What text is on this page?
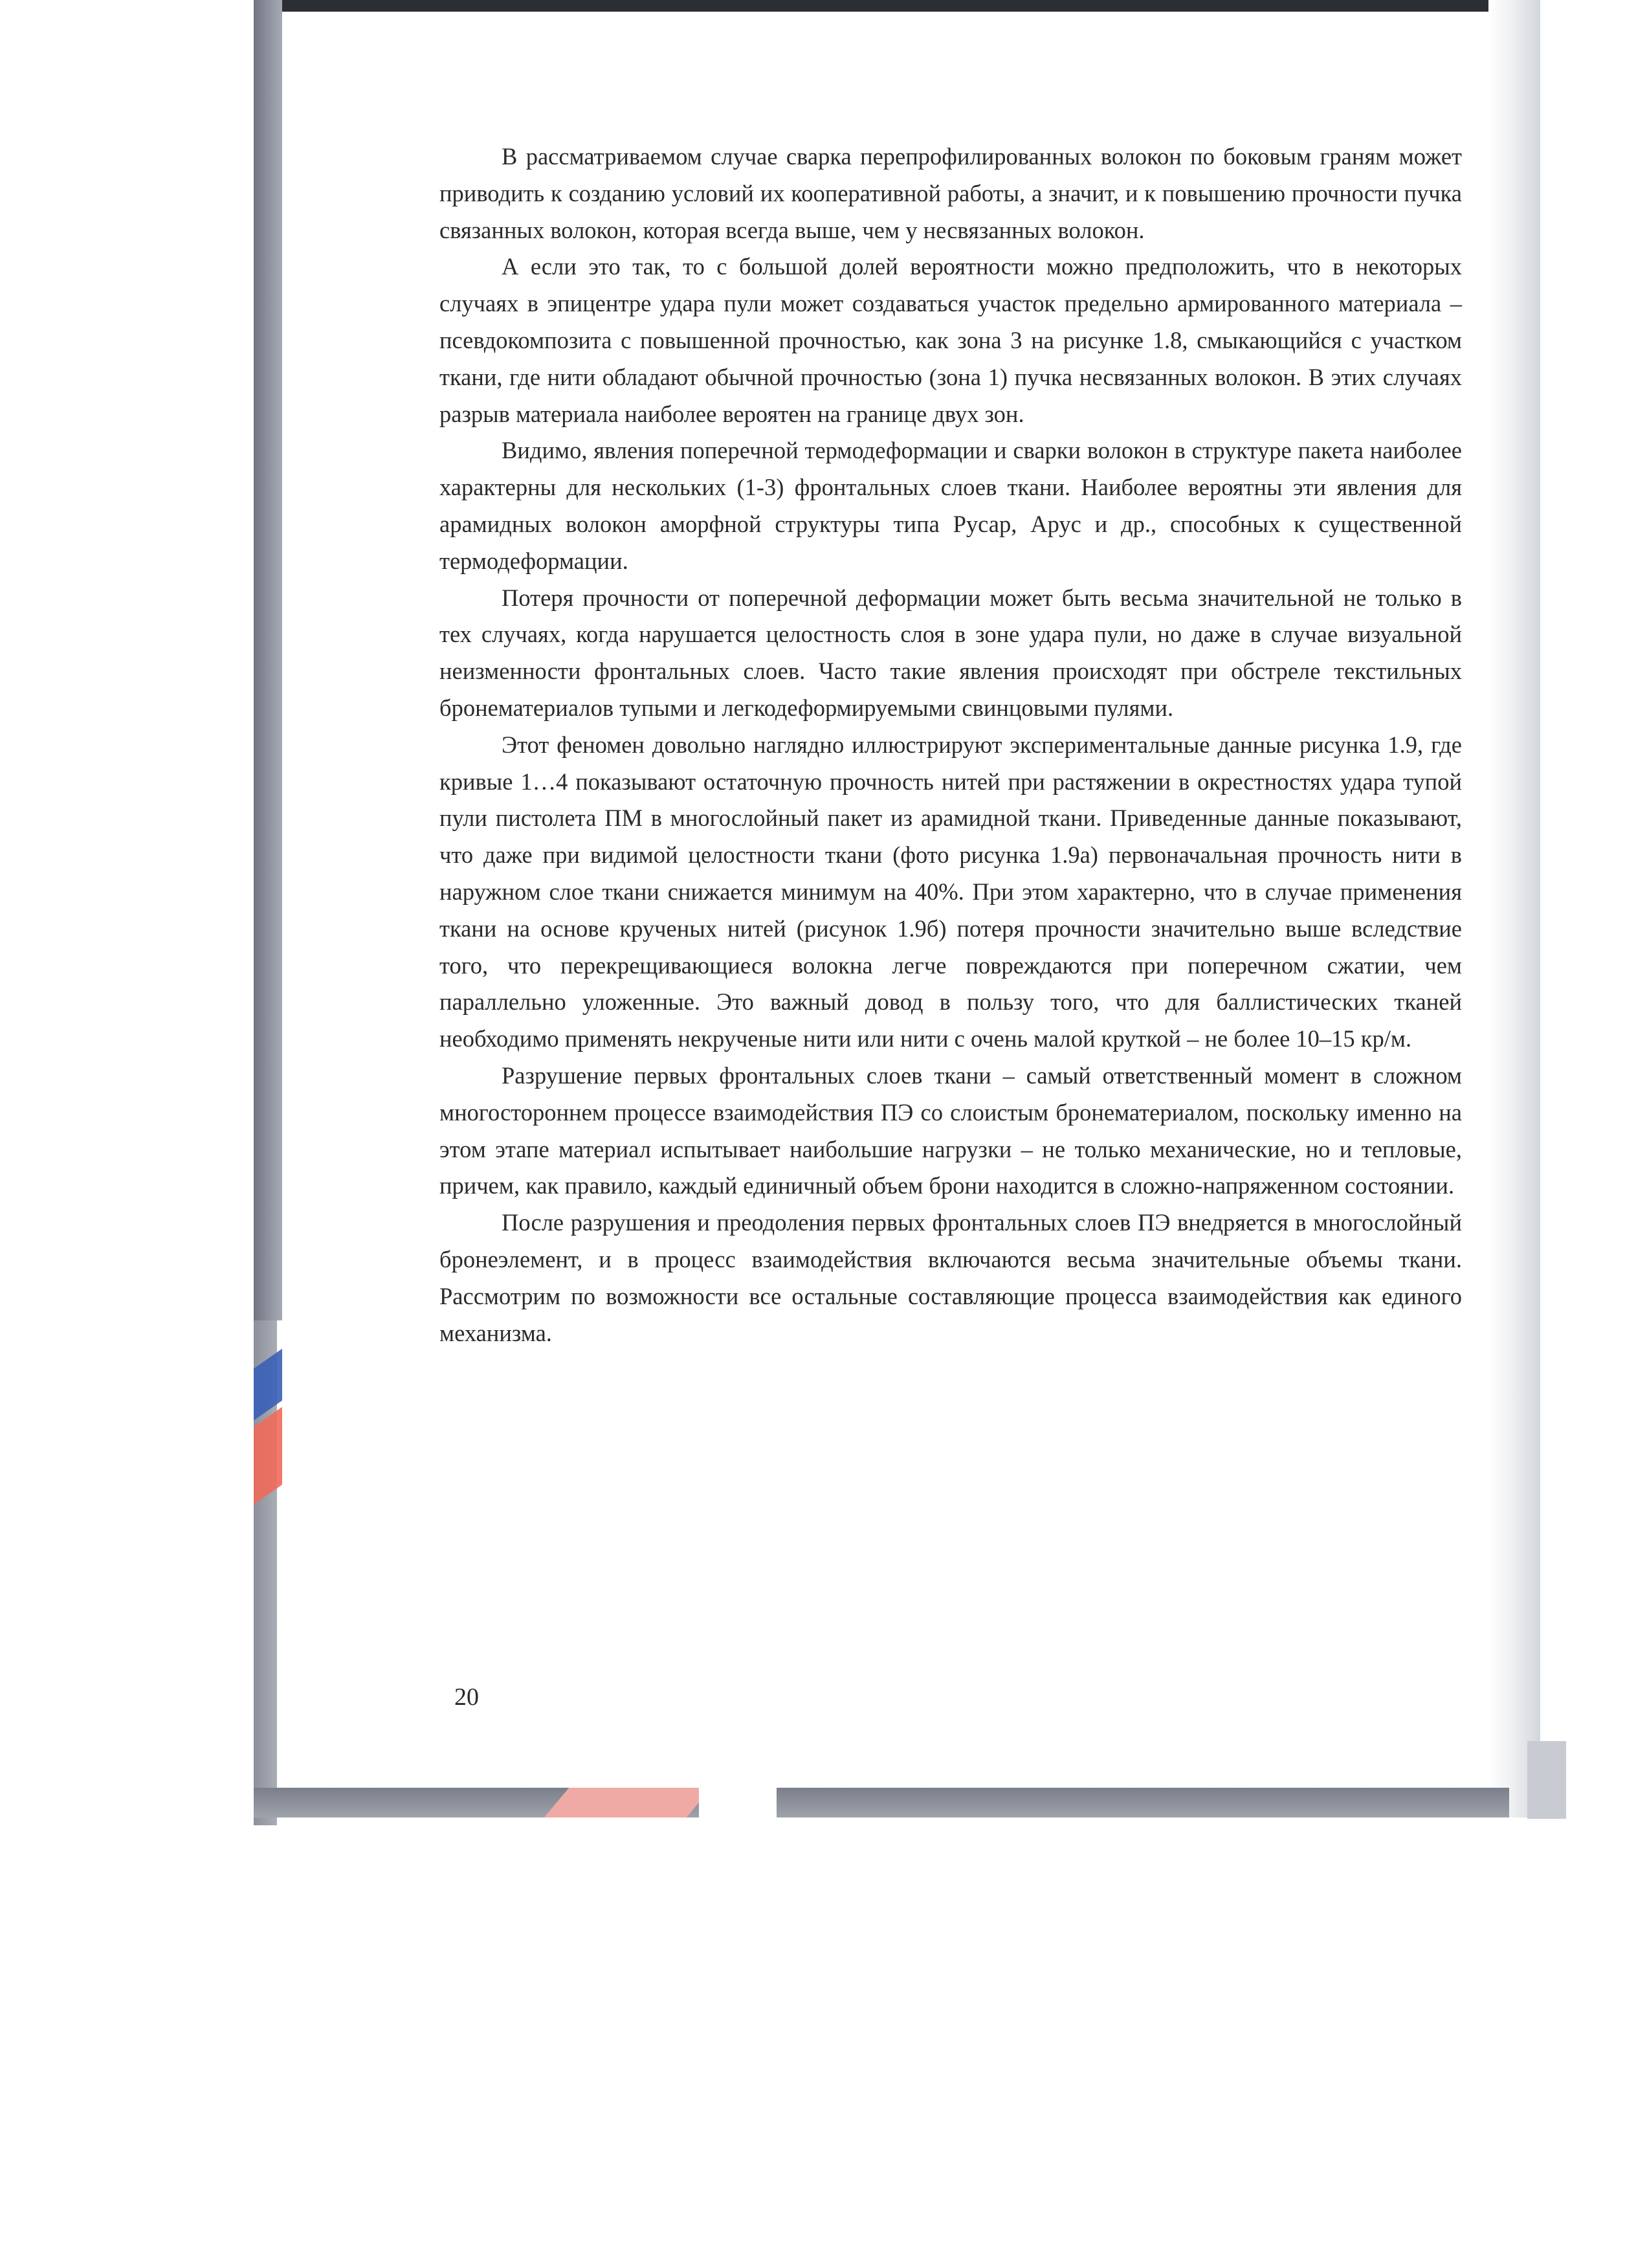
В рассматриваемом случае сварка перепрофилированных волокон по боковым граням может приводить к созданию условий их кооперативной работы, а значит, и к повышению прочности пучка связанных волокон, которая всегда выше, чем у несвязанных волокон.

А если это так, то с большой долей вероятности можно предположить, что в некоторых случаях в эпицентре удара пули может создаваться участок предельно армированного материала – псевдокомпозита с повышенной прочностью, как зона 3 на рисунке 1.8, смыкающийся с участком ткани, где нити обладают обычной прочностью (зона 1) пучка несвязанных волокон. В этих случаях разрыв материала наиболее вероятен на границе двух зон.

Видимо, явления поперечной термодеформации и сварки волокон в структуре пакета наиболее характерны для нескольких (1-3) фронтальных слоев ткани. Наиболее вероятны эти явления для арамидных волокон аморфной структуры типа Русар, Арус и др., способных к существенной термодеформации.

Потеря прочности от поперечной деформации может быть весьма значительной не только в тех случаях, когда нарушается целостность слоя в зоне удара пули, но даже в случае визуальной неизменности фронтальных слоев. Часто такие явления происходят при обстреле текстильных бронематериалов тупыми и легкодеформируемыми свинцовыми пулями.

Этот феномен довольно наглядно иллюстрируют экспериментальные данные рисунка 1.9, где кривые 1…4 показывают остаточную прочность нитей при растяжении в окрестностях удара тупой пули пистолета ПМ в многослойный пакет из арамидной ткани. Приведенные данные показывают, что даже при видимой целостности ткани (фото рисунка 1.9а) первоначальная прочность нити в наружном слое ткани снижается минимум на 40%. При этом характерно, что в случае применения ткани на основе крученых нитей (рисунок 1.9б) потеря прочности значительно выше вследствие того, что перекрещивающиеся волокна легче повреждаются при поперечном сжатии, чем параллельно уложенные. Это важный довод в пользу того, что для баллистических тканей необходимо применять некрученые нити или нити с очень малой круткой – не более 10–15 кр/м.

Разрушение первых фронтальных слоев ткани – самый ответственный момент в сложном многостороннем процессе взаимодействия ПЭ со слоистым бронематериалом, поскольку именно на этом этапе материал испытывает наибольшие нагрузки – не только механические, но и тепловые, причем, как правило, каждый единичный объем брони находится в сложно-напряженном состоянии.

После разрушения и преодоления первых фронтальных слоев ПЭ внедряется в многослойный бронеэлемент, и в процесс взаимодействия включаются весьма значительные объемы ткани. Рассмотрим по возможности все остальные составляющие процесса взаимодействия как единого механизма.

20
